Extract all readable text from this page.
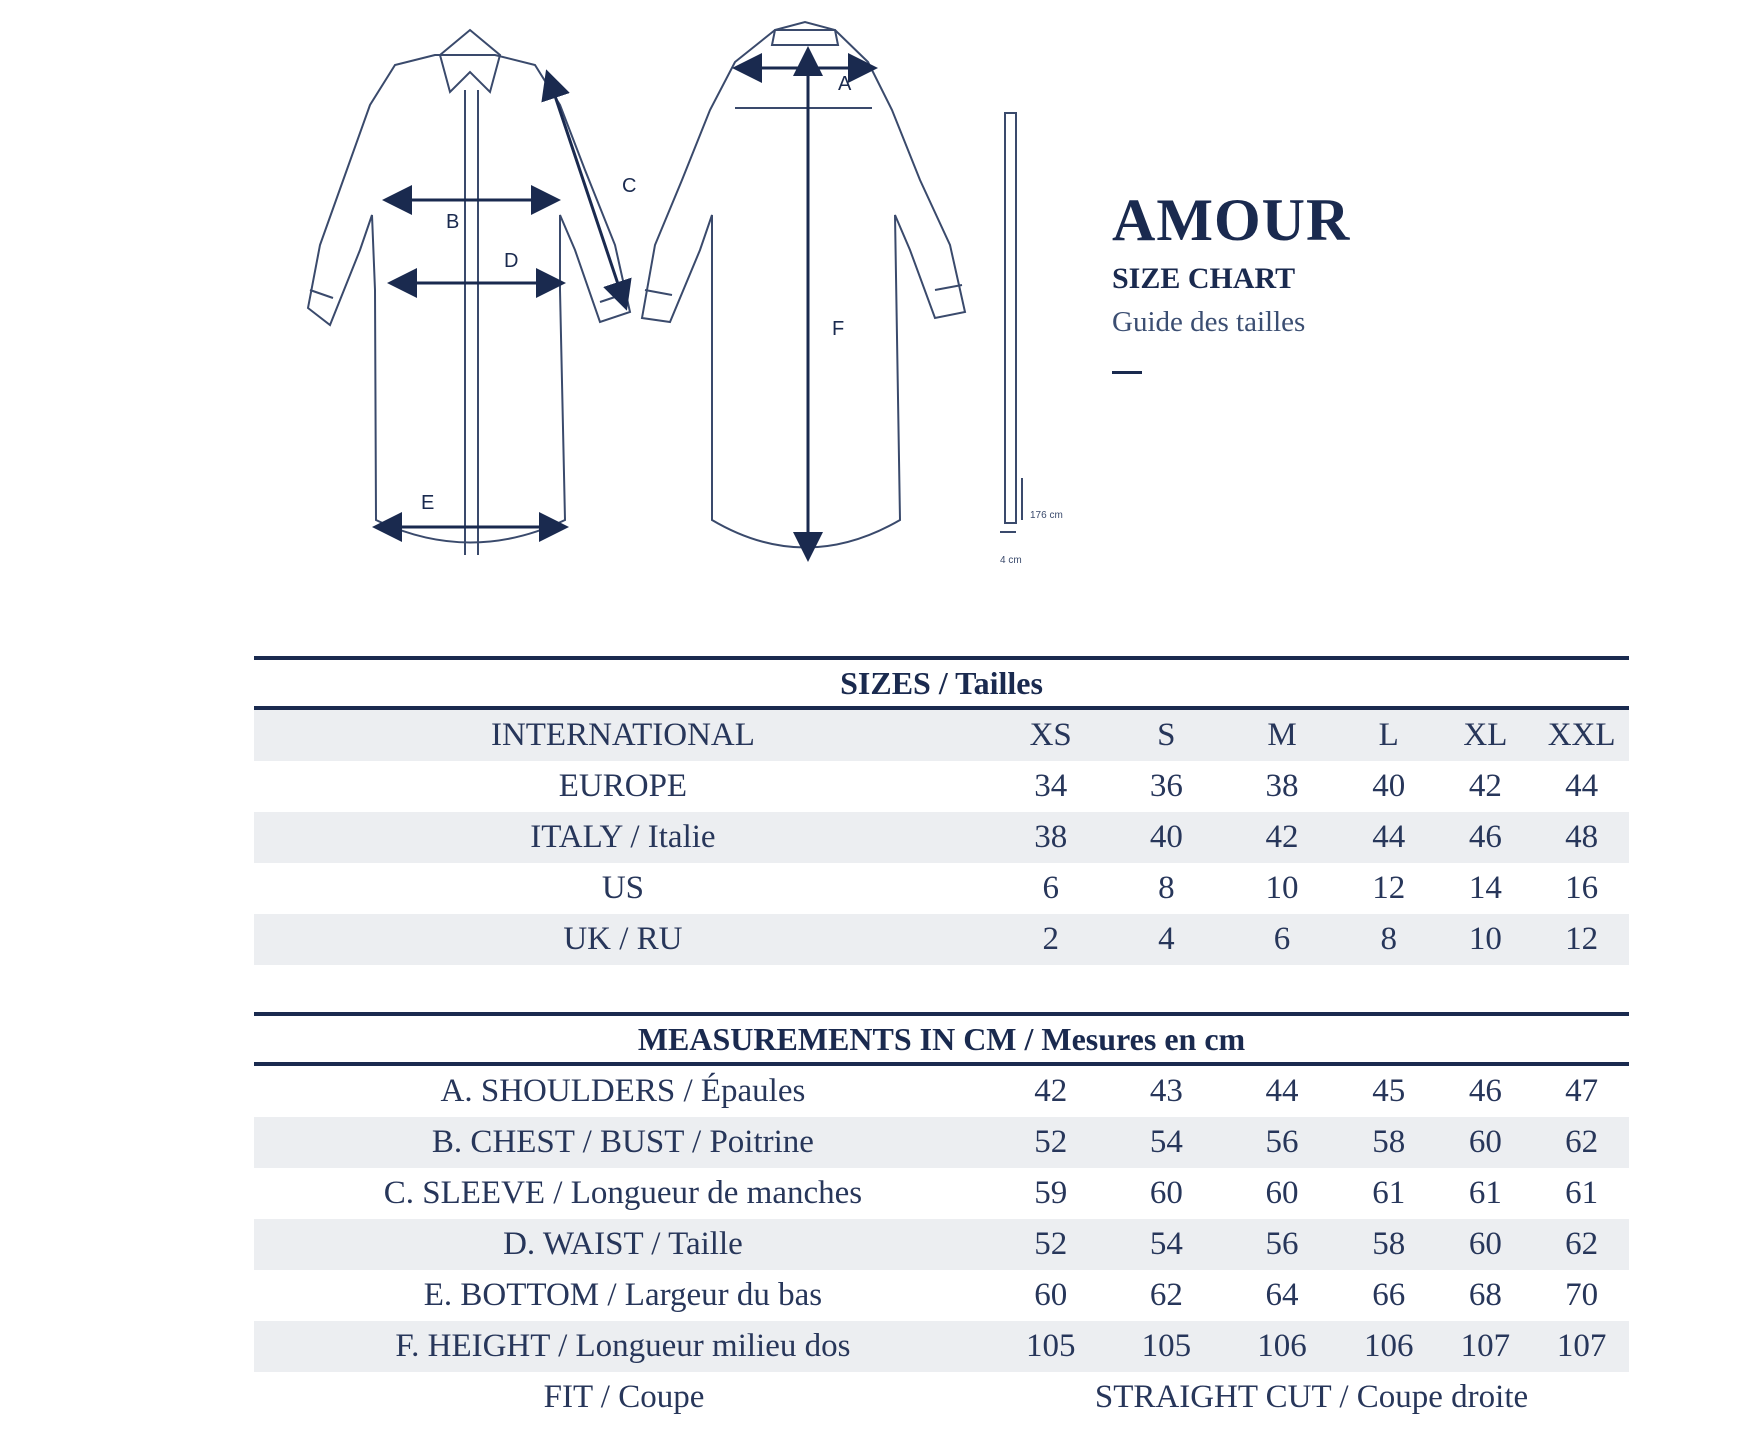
B
C
D
E
A
F
176 cm
4 cm
AMOUR
SIZE CHART
Guide des tailles
SIZES / Tailles
INTERNATIONAL	XS	S	M	L	XL	XXL
EUROPE	34	36	38	40	42	44
ITALY / Italie	38	40	42	44	46	48
US	6	8	10	12	14	16
UK / RU	2	4	6	8	10	12
MEASUREMENTS IN CM / Mesures en cm
A. SHOULDERS / Épaules	42	43	44	45	46	47
B. CHEST / BUST / Poitrine	52	54	56	58	60	62
C. SLEEVE / Longueur de manches	59	60	60	61	61	61
D. WAIST / Taille	52	54	56	58	60	62
E. BOTTOM / Largeur du bas	60	62	64	66	68	70
F. HEIGHT / Longueur milieu dos	105	105	106	106	107	107
FIT / Coupe	STRAIGHT CUT / Coupe droite
